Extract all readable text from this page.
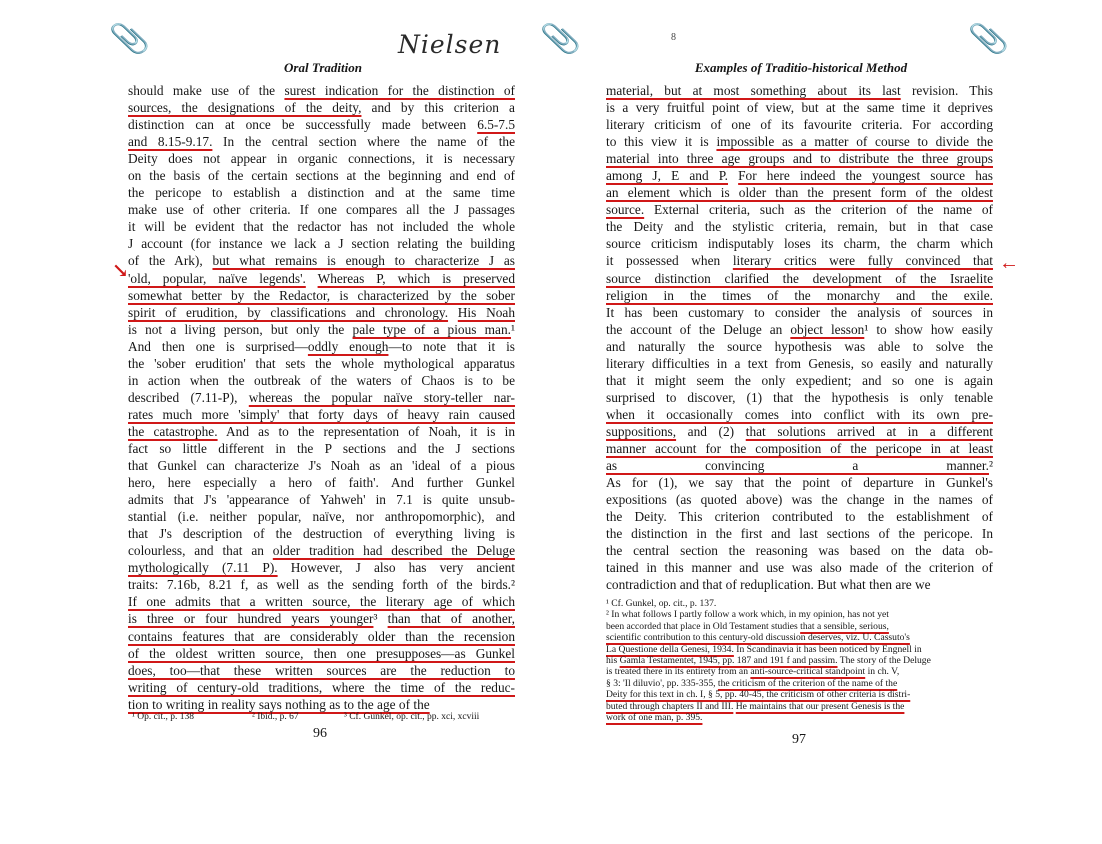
📎	Nielsen
Oral Tradition
↘
should make use of the surest indication for the distinction of
sources, the designations of the deity, and by this criterion a
distinction can at once be successfully made between 6.5-7.5
and 8.15-9.17. In the central section where the name of the
Deity does not appear in organic connections, it is necessary
on the basis of the certain sections at the beginning and end of
the pericope to establish a distinction and at the same time
make use of other criteria. If one compares all the J passages
it will be evident that the redactor has not included the whole
J account (for instance we lack a J section relating the building
of the Ark), but what remains is enough to characterize J as
'old, popular, naïve legends'. Whereas P, which is preserved
somewhat better by the Redactor, is characterized by the sober
spirit of erudition, by classifications and chronology. His Noah
is not a living person, but only the pale type of a pious man.¹
And then one is surprised—oddly enough—to note that it is
the 'sober erudition' that sets the whole mythological apparatus
in action when the outbreak of the waters of Chaos is to be
described (7.11-P), whereas the popular naïve story-teller nar-
rates much more 'simply' that forty days of heavy rain caused
the catastrophe. And as to the representation of Noah, it is in
fact so little different in the P sections and the J sections
that Gunkel can characterize J's Noah as an 'ideal of a pious
hero, here especially a hero of faith'. And further Gunkel
admits that J's 'appearance of Yahweh' in 7.1 is quite unsub-
stantial (i.e. neither popular, naïve, nor anthropomorphic), and
that J's description of the destruction of everything living is
colourless, and that an older tradition had described the Deluge
mythologically (7.11 P). However, J also has very ancient
traits: 7.16b, 8.21 f, as well as the sending forth of the birds.²
If one admits that a written source, the literary age of which
is three or four hundred years younger³ than that of another,
contains features that are considerably older than the recension
of the oldest written source, then one presupposes—as Gunkel
does, too—that these written sources are the reduction to
writing of century-old traditions, where the time of the reduc-
tion to writing in reality says nothing as to the age of the
¹ Op. cit., p. 138	² Ibid., p. 67	³ Cf. Gunkel, op. cit., pp. xci, xcviii
96
📎	📎
8
Examples of Traditio-historical Method
←
material, but at most something about its last revision. This
is a very fruitful point of view, but at the same time it deprives
literary criticism of one of its favourite criteria. For according
to this view it is impossible as a matter of course to divide the
material into three age groups and to distribute the three groups
among J, E and P. For here indeed the youngest source has
an element which is older than the present form of the oldest
source. External criteria, such as the criterion of the name of
the Deity and the stylistic criteria, remain, but in that case
source criticism indisputably loses its charm, the charm which
it possessed when literary critics were fully convinced that
source distinction clarified the development of the Israelite
religion in the times of the monarchy and the exile.
It has been customary to consider the analysis of sources in
the account of the Deluge an object lesson¹ to show how easily
and naturally the source hypothesis was able to solve the
literary difficulties in a text from Genesis, so easily and naturally
that it might seem the only expedient; and so one is again
surprised to discover, (1) that the hypothesis is only tenable
when it occasionally comes into conflict with its own pre-
suppositions, and (2) that solutions arrived at in a different
manner account for the composition of the pericope in at least
as convincing a manner.²
As for (1), we say that the point of departure in Gunkel's
expositions (as quoted above) was the change in the names of
the Deity. This criterion contributed to the establishment of
the distinction in the first and last sections of the pericope. In
the central section the reasoning was based on the data ob-
tained in this manner and use was also made of the criterion of
contradiction and that of reduplication. But what then are we
¹ Cf. Gunkel, op. cit., p. 137.
² In what follows I partly follow a work which, in my opinion, has not yet
been accorded that place in Old Testament studies that a sensible, serious,
scientific contribution to this century-old discussion deserves, viz. U. Cassuto's
La Questione della Genesi, 1934. In Scandinavia it has been noticed by Engnell in
his Gamla Testamentet, 1945, pp. 187 and 191 f and passim. The story of the Deluge
is treated there in its entirety from an anti-source-critical standpoint in ch. V,
§ 3: 'Il diluvio', pp. 335-355, the criticism of the criterion of the name of the
Deity for this text in ch. I, § 5, pp. 40-45, the criticism of other criteria is distri-
buted through chapters II and III. He maintains that our present Genesis is the
work of one man, p. 395.
97
